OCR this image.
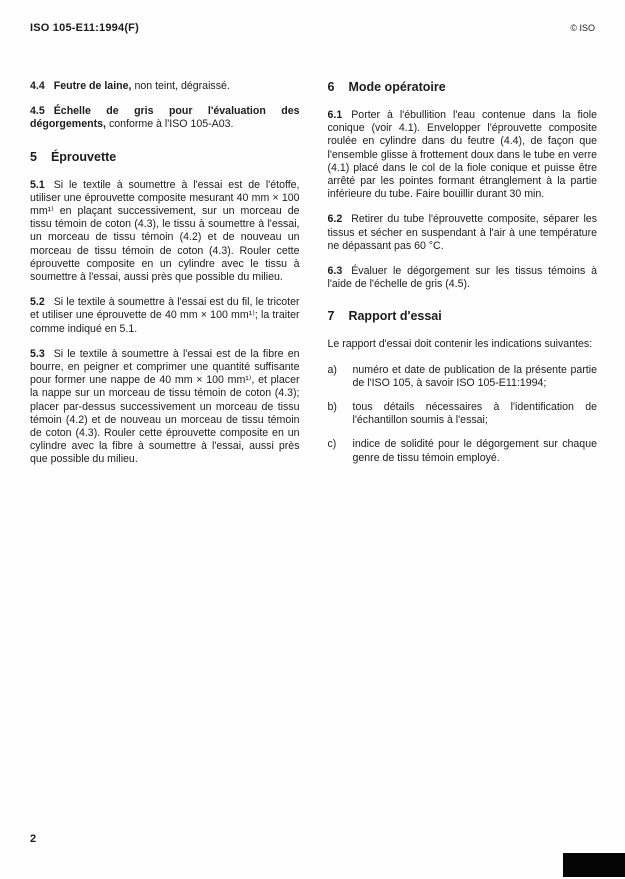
ISO 105-E11:1994(F)	© ISO

4.4 Feutre de laine, non teint, dégraissé.

4.5 Échelle de gris pour l'évaluation des dégorgements, conforme à l'ISO 105-A03.

5 Éprouvette

5.1 Si le textile à soumettre à l'essai est de l'étoffe, utiliser une éprouvette composite mesurant 40 mm × 100 mm¹⁾ en plaçant successivement, sur un morceau de tissu témoin de coton (4.3), le tissu à soumettre à l'essai, un morceau de tissu témoin (4.2) et de nouveau un morceau de tissu témoin de coton (4.3). Rouler cette éprouvette composite en un cylindre avec le tissu à soumettre à l'essai, aussi près que possible du milieu.

5.2 Si le textile à soumettre à l'essai est du fil, le tricoter et utiliser une éprouvette de 40 mm × 100 mm¹⁾; la traiter comme indiqué en 5.1.

5.3 Si le textile à soumettre à l'essai est de la fibre en bourre, en peigner et comprimer une quantité suffisante pour former une nappe de 40 mm × 100 mm¹⁾, et placer la nappe sur un morceau de tissu témoin de coton (4.3); placer par-dessus successivement un morceau de tissu témoin (4.2) et de nouveau un morceau de tissu témoin de coton (4.3). Rouler cette éprouvette composite en un cylindre avec la fibre à soumettre à l'essai, aussi près que possible du milieu.

6 Mode opératoire

6.1 Porter à l'ébullition l'eau contenue dans la fiole conique (voir 4.1). Envelopper l'éprouvette composite roulée en cylindre dans du feutre (4.4), de façon que l'ensemble glisse à frottement doux dans le tube en verre (4.1) placé dans le col de la fiole conique et puisse être arrêté par les pointes formant étranglement à la partie inférieure du tube. Faire bouillir durant 30 min.

6.2 Retirer du tube l'éprouvette composite, séparer les tissus et sécher en suspendant à l'air à une température ne dépassant pas 60 °C.

6.3 Évaluer le dégorgement sur les tissus témoins à l'aide de l'échelle de gris (4.5).

7 Rapport d'essai

Le rapport d'essai doit contenir les indications suivantes:

a)	numéro et date de publication de la présente partie de l'ISO 105, à savoir ISO 105-E11:1994;
b)	tous détails nécessaires à l'identification de l'échantillon soumis à l'essai;
c)	indice de solidité pour le dégorgement sur chaque genre de tissu témoin employé.
2
